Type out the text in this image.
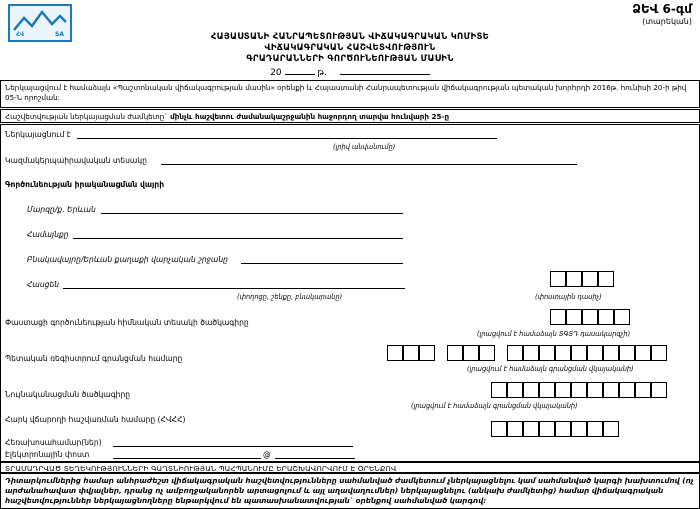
ՀՎ	SA
ՁԵՎ 6-գմ
(տարեկան)
ՀԱՅԱՍՏԱՆԻ ՀԱՆՐԱՊԵՏՈՒԹՅԱՆ ՎԻՃԱԿԱԳՐԱԿԱՆ ԿՈՄԻՏԵ
ՎԻՃԱԿԱԳՐԱԿԱՆ ՀԱՇՎԵՏՎՈՒԹՅՈՒՆ
ԳՐԱԴԱՐԱՆՆԵՐԻ ԳՈՐԾՈՒՆԵՈՒԹՅԱՆ ՄԱՍԻՆ
20	թ.
Ներկայացվում է համաձայն «Պաշտոնական վիճակագրության մասին» օրենքի և Հայաստանի Հանրապետության վիճակագրության պետական խորհրդի 2016թ. հունիսի 20-ի թիվ 05-Ն որոշման:
Հաշվետվության ներկայացման ժամկետը` մինչև հաշվետու ժամանակաշրջանին հաջորդող տարվա հունվարի 25-ը
Ներկայացնում է
(լրիվ անվանումը)
Կազմակերպաիրավական տեսակը
Գործունեության իրականացման վայրի
Մարզը/ք. Երևան
Համայնքը
Բնակավայրը/Երևան քաղաքի վարչական շրջանը
Հասցեն
(փողոցը, շենքը, բնակարանը)	(փոստային դասիչ)
Փաստացի գործունեության հիմնական տեսակի ծածկագիրը
(լրացվում է համաձայն ՏԳՏԴ դասակարգչի)
Պետական ռեգիստրում գրանցման համարը
(լրացվում է համաձայն գրանցման վկայականի)
Նույնականացման ծածկագիրը
(լրացվում է համաձայն գրանցման վկայականի)
Հարկ վճարողի հաշվառման համարը (ՀՎՀՀ)
Հեռախոսահամար(ներ)
Էլեկտրոնային փոստ	@
ՏՐԱՄԱԴՐՎԱԾ ՏԵՂԵԿՈՒԹՅՈՒՆՆԵՐԻ ԳԱՂՏՆԻՈՒԹՅԱՆ ՊԱՀՊԱՆՈՒՄԸ ԵՐԱՇԽԱՎՈՐՎՈՒՄ Է ՕՐԵՆՔՈՎ
Դիտարկումներից համար անհրաժեշտ վիճակագրական հաշվետվությունները սահմանված ժամկետում չներկայացնելու կամ սահմանված կարգի խախտումով (ոչ արժանահավատ փվյալներ, դրանց ոչ ամբողջականորեն արտացոլում և այլ աղավաղումներ) ներկայացնելու (անկախ ժամկետից) համար վիճակագրական հաշվետվություններ ներկայացնողները ենթարկվում են պատասխանատվության` օրենքով սահմանված կարգով:
